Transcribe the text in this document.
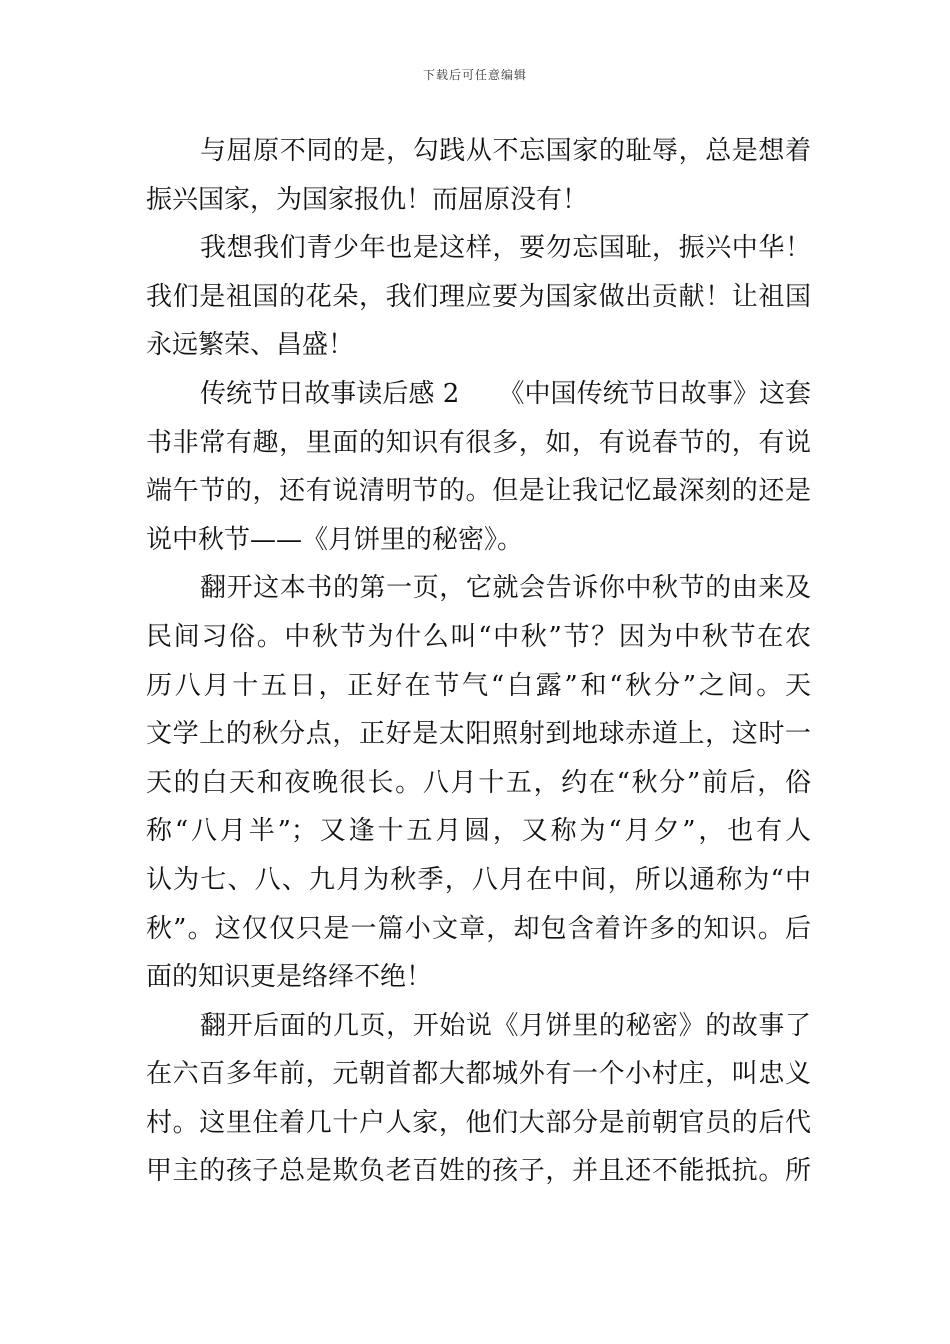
下载后可任意编辑
与屈原不同的是，勾践从不忘国家的耻辱，总是想着
振兴国家，为国家报仇！而屈原没有！
我想我们青少年也是这样，要勿忘国耻，振兴中华！
我们是祖国的花朵，我们理应要为国家做出贡献！让祖国
永远繁荣、昌盛！
传统节日故事读后感 2　　《中国传统节日故事》这套
书非常有趣，里面的知识有很多，如，有说春节的，有说
端午节的，还有说清明节的。但是让我记忆最深刻的还是
说中秋节——《月饼里的秘密》。
翻开这本书的第一页，它就会告诉你中秋节的由来及
民间习俗。中秋节为什么叫“中秋”节？因为中秋节在农
历八月十五日，正好在节气“白露”和“秋分”之间。天
文学上的秋分点，正好是太阳照射到地球赤道上，这时一
天的白天和夜晚很长。八月十五，约在“秋分”前后，俗
称“八月半”；又逢十五月圆，又称为“月夕”，也有人
认为七、八、九月为秋季，八月在中间，所以通称为“中
秋”。这仅仅只是一篇小文章，却包含着许多的知识。后
面的知识更是络绎不绝！
翻开后面的几页，开始说《月饼里的秘密》的故事了
在六百多年前，元朝首都大都城外有一个小村庄，叫忠义
村。这里住着几十户人家，他们大部分是前朝官员的后代
甲主的孩子总是欺负老百姓的孩子，并且还不能抵抗。所
